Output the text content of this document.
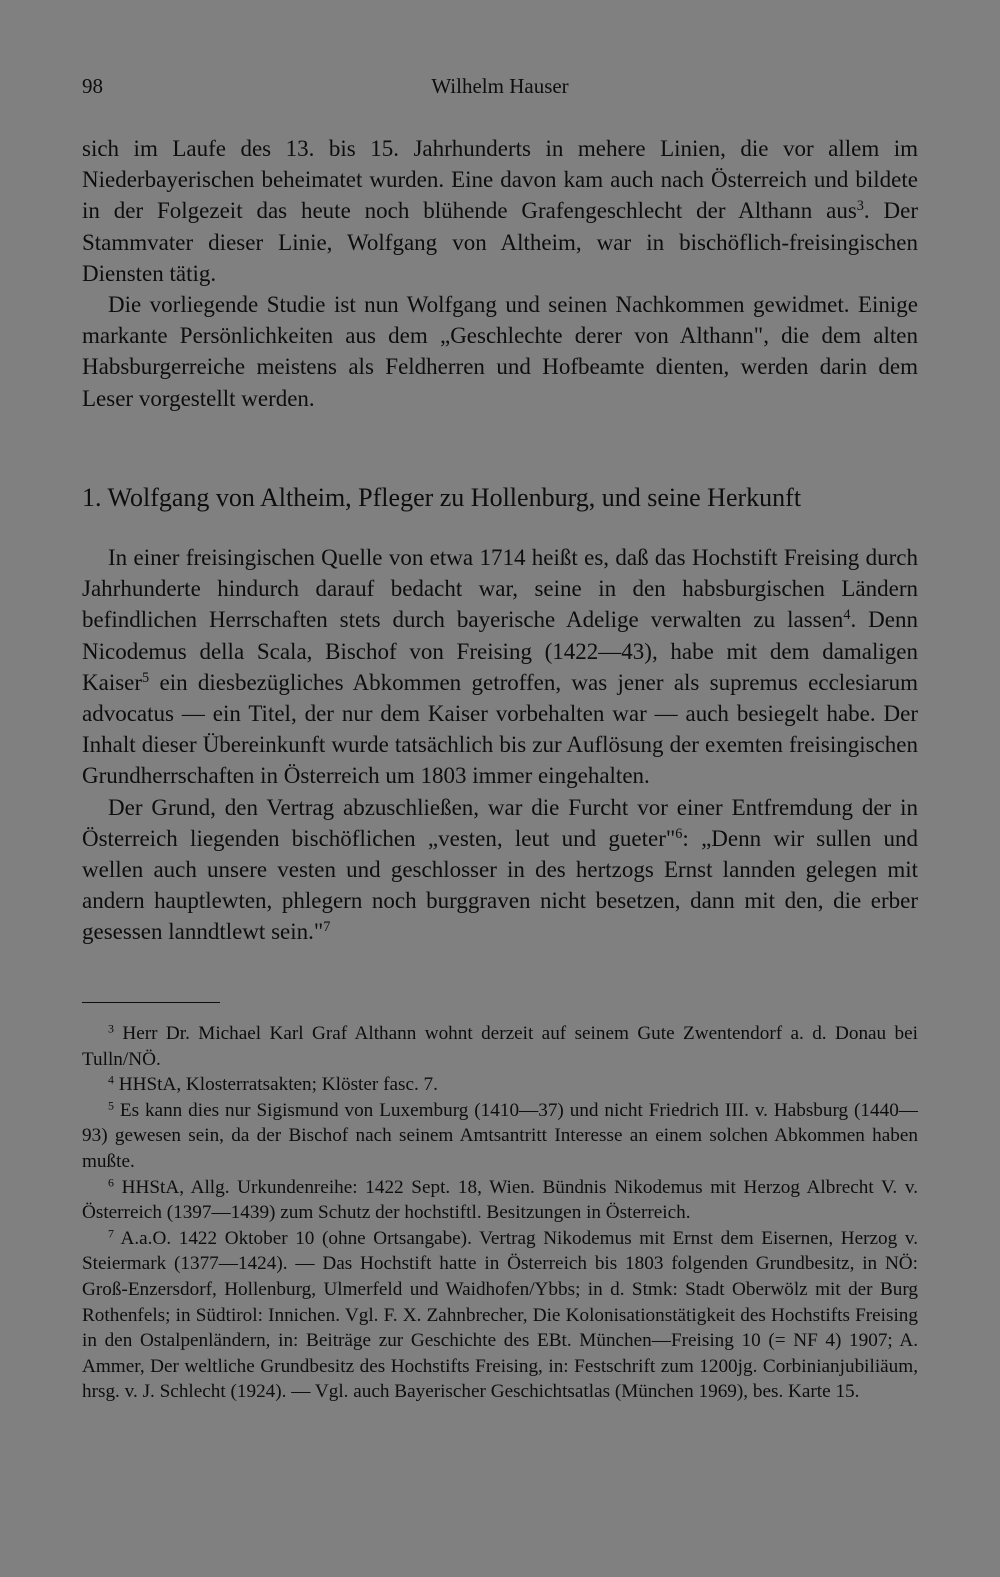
98	Wilhelm Hauser

sich im Laufe des 13. bis 15. Jahrhunderts in mehere Linien, die vor allem im Niederbayerischen beheimatet wurden. Eine davon kam auch nach Österreich und bildete in der Folgezeit das heute noch blühende Grafengeschlecht der Althann aus$^3$. Der Stammvater dieser Linie, Wolfgang von Altheim, war in bischöflich-freisingischen Diensten tätig.

Die vorliegende Studie ist nun Wolfgang und seinen Nachkommen gewidmet. Einige markante Persönlichkeiten aus dem „Geschlechte derer von Althann", die dem alten Habsburgerreiche meistens als Feldherren und Hofbeamte dienten, werden darin dem Leser vorgestellt werden.

1. Wolfgang von Altheim, Pfleger zu Hollenburg, und seine Herkunft

In einer freisingischen Quelle von etwa 1714 heißt es, daß das Hochstift Freising durch Jahrhunderte hindurch darauf bedacht war, seine in den habsburgischen Ländern befindlichen Herrschaften stets durch bayerische Adelige verwalten zu lassen$^4$. Denn Nicodemus della Scala, Bischof von Freising (1422—43), habe mit dem damaligen Kaiser$^5$ ein diesbezügliches Abkommen getroffen, was jener als supremus ecclesiarum advocatus — ein Titel, der nur dem Kaiser vorbehalten war — auch besiegelt habe. Der Inhalt dieser Übereinkunft wurde tatsächlich bis zur Auflösung der exemten freisingischen Grundherrschaften in Österreich um 1803 immer eingehalten.

Der Grund, den Vertrag abzuschließen, war die Furcht vor einer Entfremdung der in Österreich liegenden bischöflichen „vesten, leut und gueter"$^6$: „Denn wir sullen und wellen auch unsere vesten und geschlosser in des hertzogs Ernst lannden gelegen mit andern hauptlewten, phlegern noch burggraven nicht besetzen, dann mit den, die erber gesessen lanndtlewt sein."$^7$

$^3$ Herr Dr. Michael Karl Graf Althann wohnt derzeit auf seinem Gute Zwentendorf a. d. Donau bei Tulln/NÖ.

$^4$ HHStA, Klosterratsakten; Klöster fasc. 7.

$^5$ Es kann dies nur Sigismund von Luxemburg (1410—37) und nicht Friedrich III. v. Habsburg (1440—93) gewesen sein, da der Bischof nach seinem Amtsantritt Interesse an einem solchen Abkommen haben mußte.

$^6$ HHStA, Allg. Urkundenreihe: 1422 Sept. 18, Wien. Bündnis Nikodemus mit Herzog Albrecht V. v. Österreich (1397—1439) zum Schutz der hochstiftl. Besitzungen in Österreich.

$^7$ A.a.O. 1422 Oktober 10 (ohne Ortsangabe). Vertrag Nikodemus mit Ernst dem Eisernen, Herzog v. Steiermark (1377—1424). — Das Hochstift hatte in Österreich bis 1803 folgenden Grundbesitz, in NÖ: Groß-Enzersdorf, Hollenburg, Ulmerfeld und Waidhofen/Ybbs; in d. Stmk: Stadt Oberwölz mit der Burg Rothenfels; in Südtirol: Innichen. Vgl. F. X. Zahnbrecher, Die Kolonisationstätigkeit des Hochstifts Freising in den Ostalpenländern, in: Beiträge zur Geschichte des EBt. München—Freising 10 (= NF 4) 1907; A. Ammer, Der weltliche Grundbesitz des Hochstifts Freising, in: Festschrift zum 1200jg. Corbinianjubiliäum, hrsg. v. J. Schlecht (1924). — Vgl. auch Bayerischer Geschichtsatlas (München 1969), bes. Karte 15.
